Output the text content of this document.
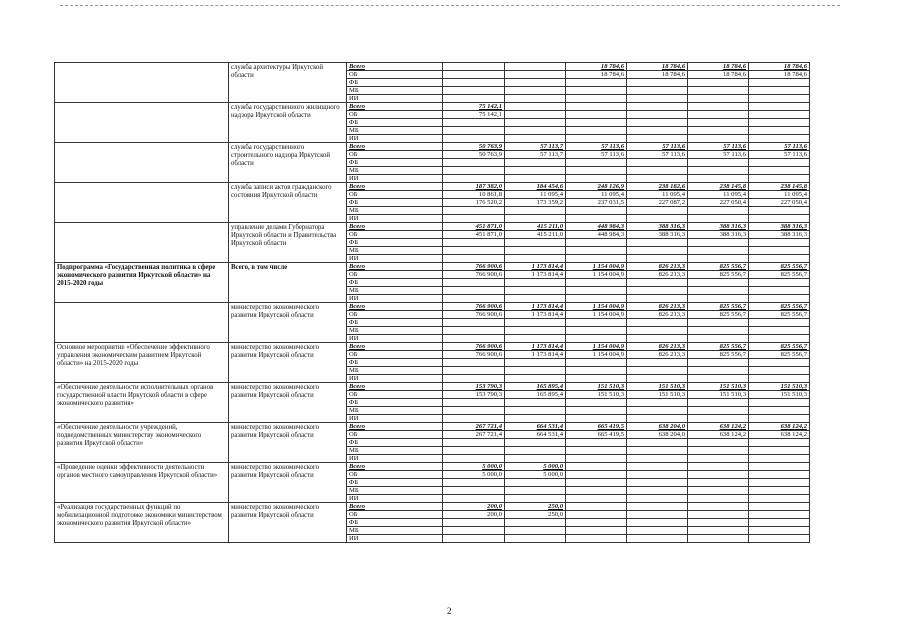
	служба архитектуры Иркутской области	Всего			18 784,6	18 784,6	18 784,6	18 784,6
		ОБ			18 784,6	18 784,6	18 784,6	18 784,6
		ФБ						
		МБ						
		ИИ						
	служба государственного жилищного надзора Иркутской области	Всего	75 142,1					
		ОБ	75 142,1					
		ФБ						
		МБ						
		ИИ						
	служба государственного строительного надзора Иркутской области	Всего	50 763,9	57 113,7	57 113,6	57 113,6	57 113,6	57 113,6
		ОБ	50 763,9	57 113,7	57 113,6	57 113,6	57 113,6	57 113,6
		ФБ						
		МБ						
		ИИ						
	служба записи актов гражданского состояния Иркутской области	Всего	187 382,0	184 454,6	248 126,9	238 182,6	238 145,8	238 145,8
		ОБ	10 861,8	11 095,4	11 095,4	11 095,4	11 095,4	11 095,4
		ФБ	176 520,2	173 359,2	237 031,5	227 087,2	227 050,4	227 050,4
		МБ						
		ИИ						
	управление делами Губернатора Иркутской области и Правительства Иркутской области	Всего	451 871,0	415 211,0	448 984,3	388 316,3	388 316,3	388 316,3
		ОБ	451 871,0	415 211,0	448 984,3	388 316,3	388 316,3	388 316,3
		ФБ						
		МБ						
		ИИ						
Подпрограмма «Государственная политика в сфере экономического развития Иркутской области» на 2015-2020 годы	Всего, в том числе	Всего	766 900,6	1 173 814,4	1 154 004,9	826 213,3	825 556,7	825 556,7
		ОБ	766 900,6	1 173 814,4	1 154 004,9	826 213,3	825 556,7	825 556,7
		ФБ						
		МБ						
		ИИ						
	министерство экономического развития Иркутской области	Всего	766 900,6	1 173 814,4	1 154 004,9	826 213,3	825 556,7	825 556,7
		ОБ	766 900,6	1 173 814,4	1 154 004,9	826 213,3	825 556,7	825 556,7
		ФБ						
		МБ						
		ИИ						
Основное мероприятие «Обеспечение эффективного управления экономическим развитием Иркутской области» на 2015-2020 годы	министерство экономического развития Иркутской области	Всего	766 900,6	1 173 814,4	1 154 004,9	826 213,3	825 556,7	825 556,7
		ОБ	766 900,6	1 173 814,4	1 154 004,9	826 213,3	825 556,7	825 556,7
		ФБ						
		МБ						
		ИИ						
«Обеспечение деятельности исполнительных органов государственной власти Иркутской области в сфере экономического развития»	министерство экономического развития Иркутской области	Всего	153 790,3	165 895,4	151 510,3	151 510,3	151 510,3	151 510,3
		ОБ	153 790,3	165 895,4	151 510,3	151 510,3	151 510,3	151 510,3
		ФБ						
		МБ						
		ИИ						
«Обеспечение деятельности учреждений, подведомственных министерству экономического развития Иркутской области»	министерство экономического развития Иркутской области	Всего	267 721,4	664 531,4	665 419,5	638 204,0	638 124,2	638 124,2
		ОБ	267 721,4	664 531,4	665 419,5	638 204,0	638 124,2	638 124,2
		ФБ						
		МБ						
		ИИ						
«Проведение оценки эффективности деятельности органов местного самоуправления Иркутской области»	министерство экономического развития Иркутской области	Всего	5 000,0	5 000,0				
		ОБ	5 000,0	5 000,0				
		ФБ						
		МБ						
		ИИ						
«Реализация государственных функций по мобилизационной подготовке экономики министерством экономического развития Иркутской области»	министерство экономического развития Иркутской области	Всего	200,0	250,0				
		ОБ	200,0	250,0				
		ФБ						
		МБ						
		ИИ						
2
